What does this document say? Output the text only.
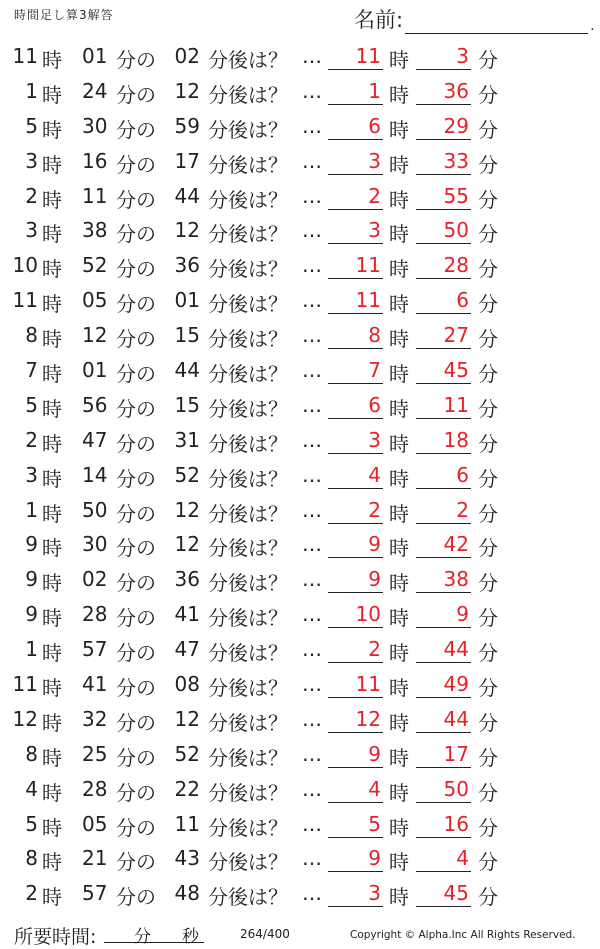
時間足し算3解答	名前:	.
11 時 01 分の 02 分後は？ …	11 時	3 分
1 時 24 分の 12 分後は？ …	1 時	36 分
5 時 30 分の 59 分後は？ …	6 時	29 分
3 時 16 分の 17 分後は？ …	3 時	33 分
2 時 11 分の 44 分後は？ …	2 時	55 分
3 時 38 分の 12 分後は？ …	3 時	50 分
10 時 52 分の 36 分後は？ …	11 時	28 分
11 時 05 分の 01 分後は？ …	11 時	6 分
8 時 12 分の 15 分後は？ …	8 時	27 分
7 時 01 分の 44 分後は？ …	7 時	45 分
5 時 56 分の 15 分後は？ …	6 時	11 分
2 時 47 分の 31 分後は？ …	3 時	18 分
3 時 14 分の 52 分後は？ …	4 時	6 分
1 時 50 分の 12 分後は？ …	2 時	2 分
9 時 30 分の 12 分後は？ …	9 時	42 分
9 時 02 分の 36 分後は？ …	9 時	38 分
9 時 28 分の 41 分後は？ …	10 時	9 分
1 時 57 分の 47 分後は？ …	2 時	44 分
11 時 41 分の 08 分後は？ …	11 時	49 分
12 時 32 分の 12 分後は？ …	12 時	44 分
8 時 25 分の 52 分後は？ …	9 時	17 分
4 時 28 分の 22 分後は？ …	4 時	50 分
5 時 05 分の 11 分後は？ …	5 時	16 分
8 時 21 分の 43 分後は？ …	9 時	4 分
2 時 57 分の 48 分後は？ …	3 時	45 分
所要時間: 分 秒	264/400	Copyright © Alpha.Inc All Rights Reserved.
